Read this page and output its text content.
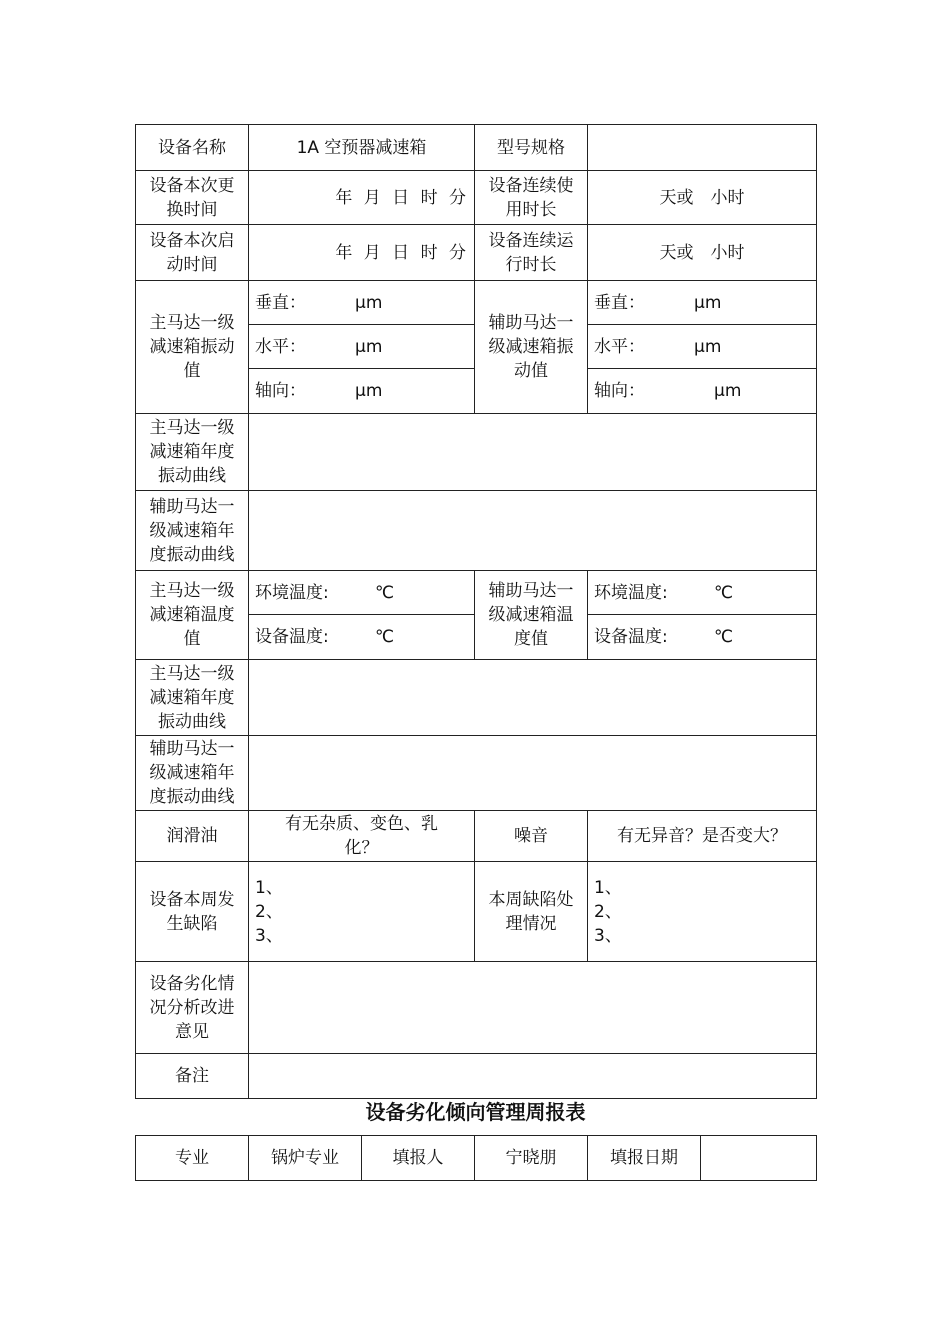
设备名称	1A 空预器减速箱	型号规格	
设备本次更换时间	年 月 日 时 分	设备连续使用时长	天或　小时
设备本次启动时间	年 月 日 时 分	设备连续运行时长	天或　小时
主马达一级减速箱振动值	垂直： μm	辅助马达一级减速箱振动值	垂直： μm
	水平： μm		水平： μm
	轴向： μm		轴向： μm
主马达一级减速箱年度振动曲线			
辅助马达一级减速箱年度振动曲线			
主马达一级减速箱温度值	环境温度: ℃	辅助马达一级减速箱温度值	环境温度: ℃
	设备温度: ℃		设备温度: ℃
主马达一级减速箱年度振动曲线			
辅助马达一级减速箱年度振动曲线			
润滑油	有无杂质、变色、乳化？	噪音	有无异音？是否变大？
设备本周发生缺陷	1、
2、
3、	本周缺陷处理情况	1、
2、
3、

设备劣化情况分析改进意见			
备注			
设备劣化倾向管理周报表
专业	锅炉专业	填报人	宁晓朋	填报日期	
